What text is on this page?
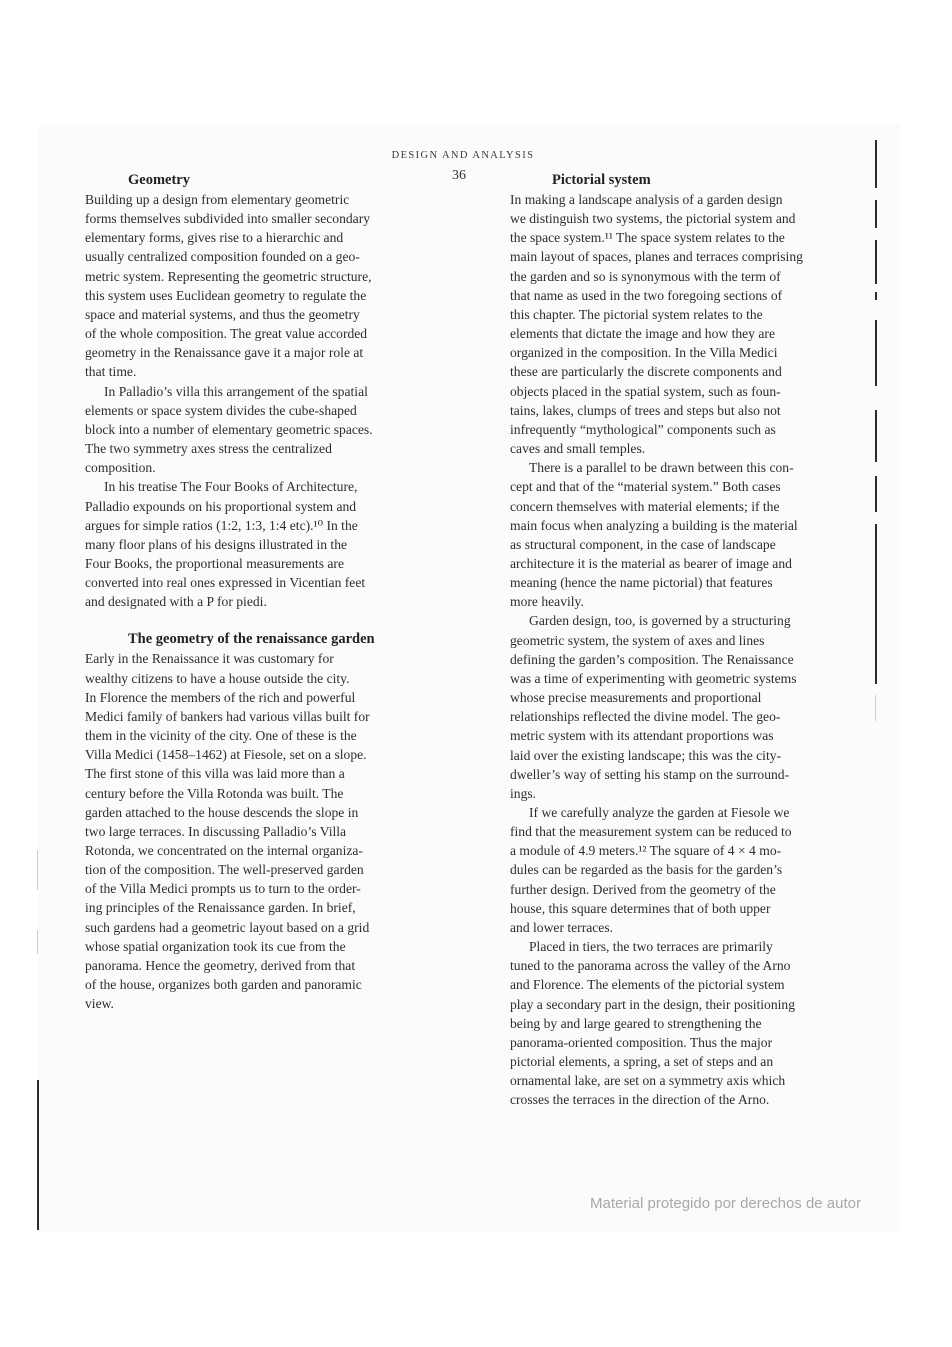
DESIGN AND ANALYSIS
36
Geometry

Building up a design from elementary geometric
forms themselves subdivided into smaller secondary
elementary forms, gives rise to a hierarchic and
usually centralized composition founded on a geo-
metric system. Representing the geometric structure,
this system uses Euclidean geometry to regulate the
space and material systems, and thus the geometry
of the whole composition. The great value accorded
geometry in the Renaissance gave it a major role at
that time.

In Palladio’s villa this arrangement of the spatial
elements or space system divides the cube-shaped
block into a number of elementary geometric spaces.
The two symmetry axes stress the centralized
composition.

In his treatise The Four Books of Architecture,
Palladio expounds on his proportional system and
argues for simple ratios (1:2, 1:3, 1:4 etc).¹⁰ In the
many floor plans of his designs illustrated in the
Four Books, the proportional measurements are
converted into real ones expressed in Vicentian feet
and designated with a P for piedi.

The geometry of the renaissance garden

Early in the Renaissance it was customary for
wealthy citizens to have a house outside the city.
In Florence the members of the rich and powerful
Medici family of bankers had various villas built for
them in the vicinity of the city. One of these is the
Villa Medici (1458–1462) at Fiesole, set on a slope.
The first stone of this villa was laid more than a
century before the Villa Rotonda was built. The
garden attached to the house descends the slope in
two large terraces. In discussing Palladio’s Villa
Rotonda, we concentrated on the internal organiza-
tion of the composition. The well-preserved garden
of the Villa Medici prompts us to turn to the order-
ing principles of the Renaissance garden. In brief,
such gardens had a geometric layout based on a grid
whose spatial organization took its cue from the
panorama. Hence the geometry, derived from that
of the house, organizes both garden and panoramic
view.

Pictorial system

In making a landscape analysis of a garden design
we distinguish two systems, the pictorial system and
the space system.¹¹ The space system relates to the
main layout of spaces, planes and terraces comprising
the garden and so is synonymous with the term of
that name as used in the two foregoing sections of
this chapter. The pictorial system relates to the
elements that dictate the image and how they are
organized in the composition. In the Villa Medici
these are particularly the discrete components and
objects placed in the spatial system, such as foun-
tains, lakes, clumps of trees and steps but also not
infrequently “mythological” components such as
caves and small temples.

There is a parallel to be drawn between this con-
cept and that of the “material system.” Both cases
concern themselves with material elements; if the
main focus when analyzing a building is the material
as structural component, in the case of landscape
architecture it is the material as bearer of image and
meaning (hence the name pictorial) that features
more heavily.

Garden design, too, is governed by a structuring
geometric system, the system of axes and lines
defining the garden’s composition. The Renaissance
was a time of experimenting with geometric systems
whose precise measurements and proportional
relationships reflected the divine model. The geo-
metric system with its attendant proportions was
laid over the existing landscape; this was the city-
dweller’s way of setting his stamp on the surround-
ings.

If we carefully analyze the garden at Fiesole we
find that the measurement system can be reduced to
a module of 4.9 meters.¹² The square of 4 × 4 mo-
dules can be regarded as the basis for the garden’s
further design. Derived from the geometry of the
house, this square determines that of both upper
and lower terraces.

Placed in tiers, the two terraces are primarily
tuned to the panorama across the valley of the Arno
and Florence. The elements of the pictorial system
play a secondary part in the design, their positioning
being by and large geared to strengthening the
panorama-oriented composition. Thus the major
pictorial elements, a spring, a set of steps and an
ornamental lake, are set on a symmetry axis which
crosses the terraces in the direction of the Arno.

Material protegido por derechos de autor
